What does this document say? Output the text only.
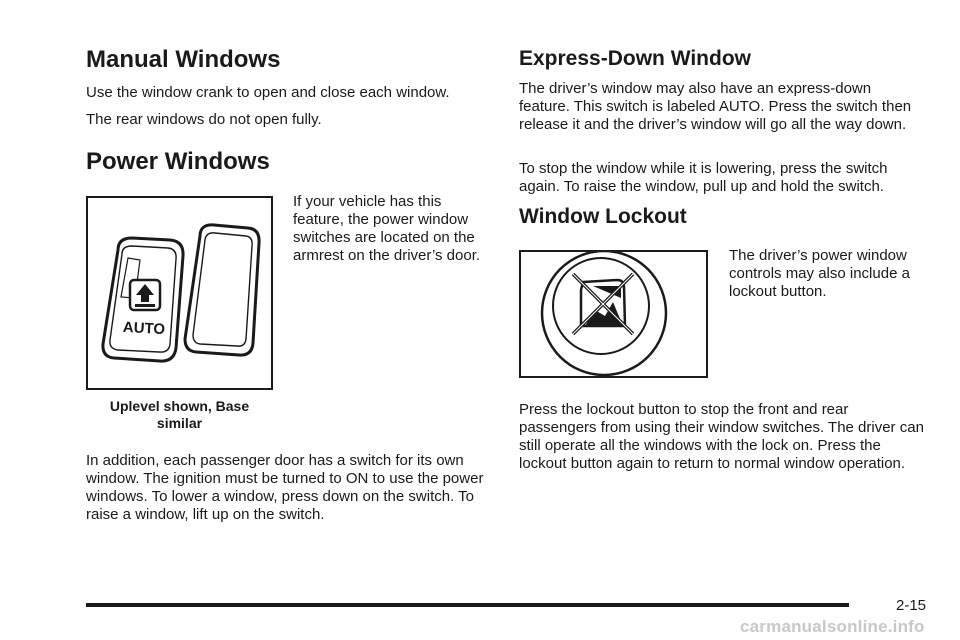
Manual Windows

Use the window crank to open and close each window.

The rear windows do not open fully.

Power Windows
AUTO

If your vehicle has this feature, the power window switches are located on the armrest on the driver’s door.

Uplevel shown, Base similar

In addition, each passenger door has a switch for its own window. The ignition must be turned to ON to use the power windows. To lower a window, press down on the switch. To raise a window, lift up on the switch.

Express-Down Window

The driver’s window may also have an express-down feature. This switch is labeled AUTO. Press the switch then release it and the driver’s window will go all the way down.

To stop the window while it is lowering, press the switch again. To raise the window, pull up and hold the switch.

Window Lockout

The driver’s power window controls may also include a lockout button.

Press the lockout button to stop the front and rear passengers from using their window switches. The driver can still operate all the windows with the lock on. Press the lockout button again to return to normal window operation.

2-15
carmanualsonline.info
